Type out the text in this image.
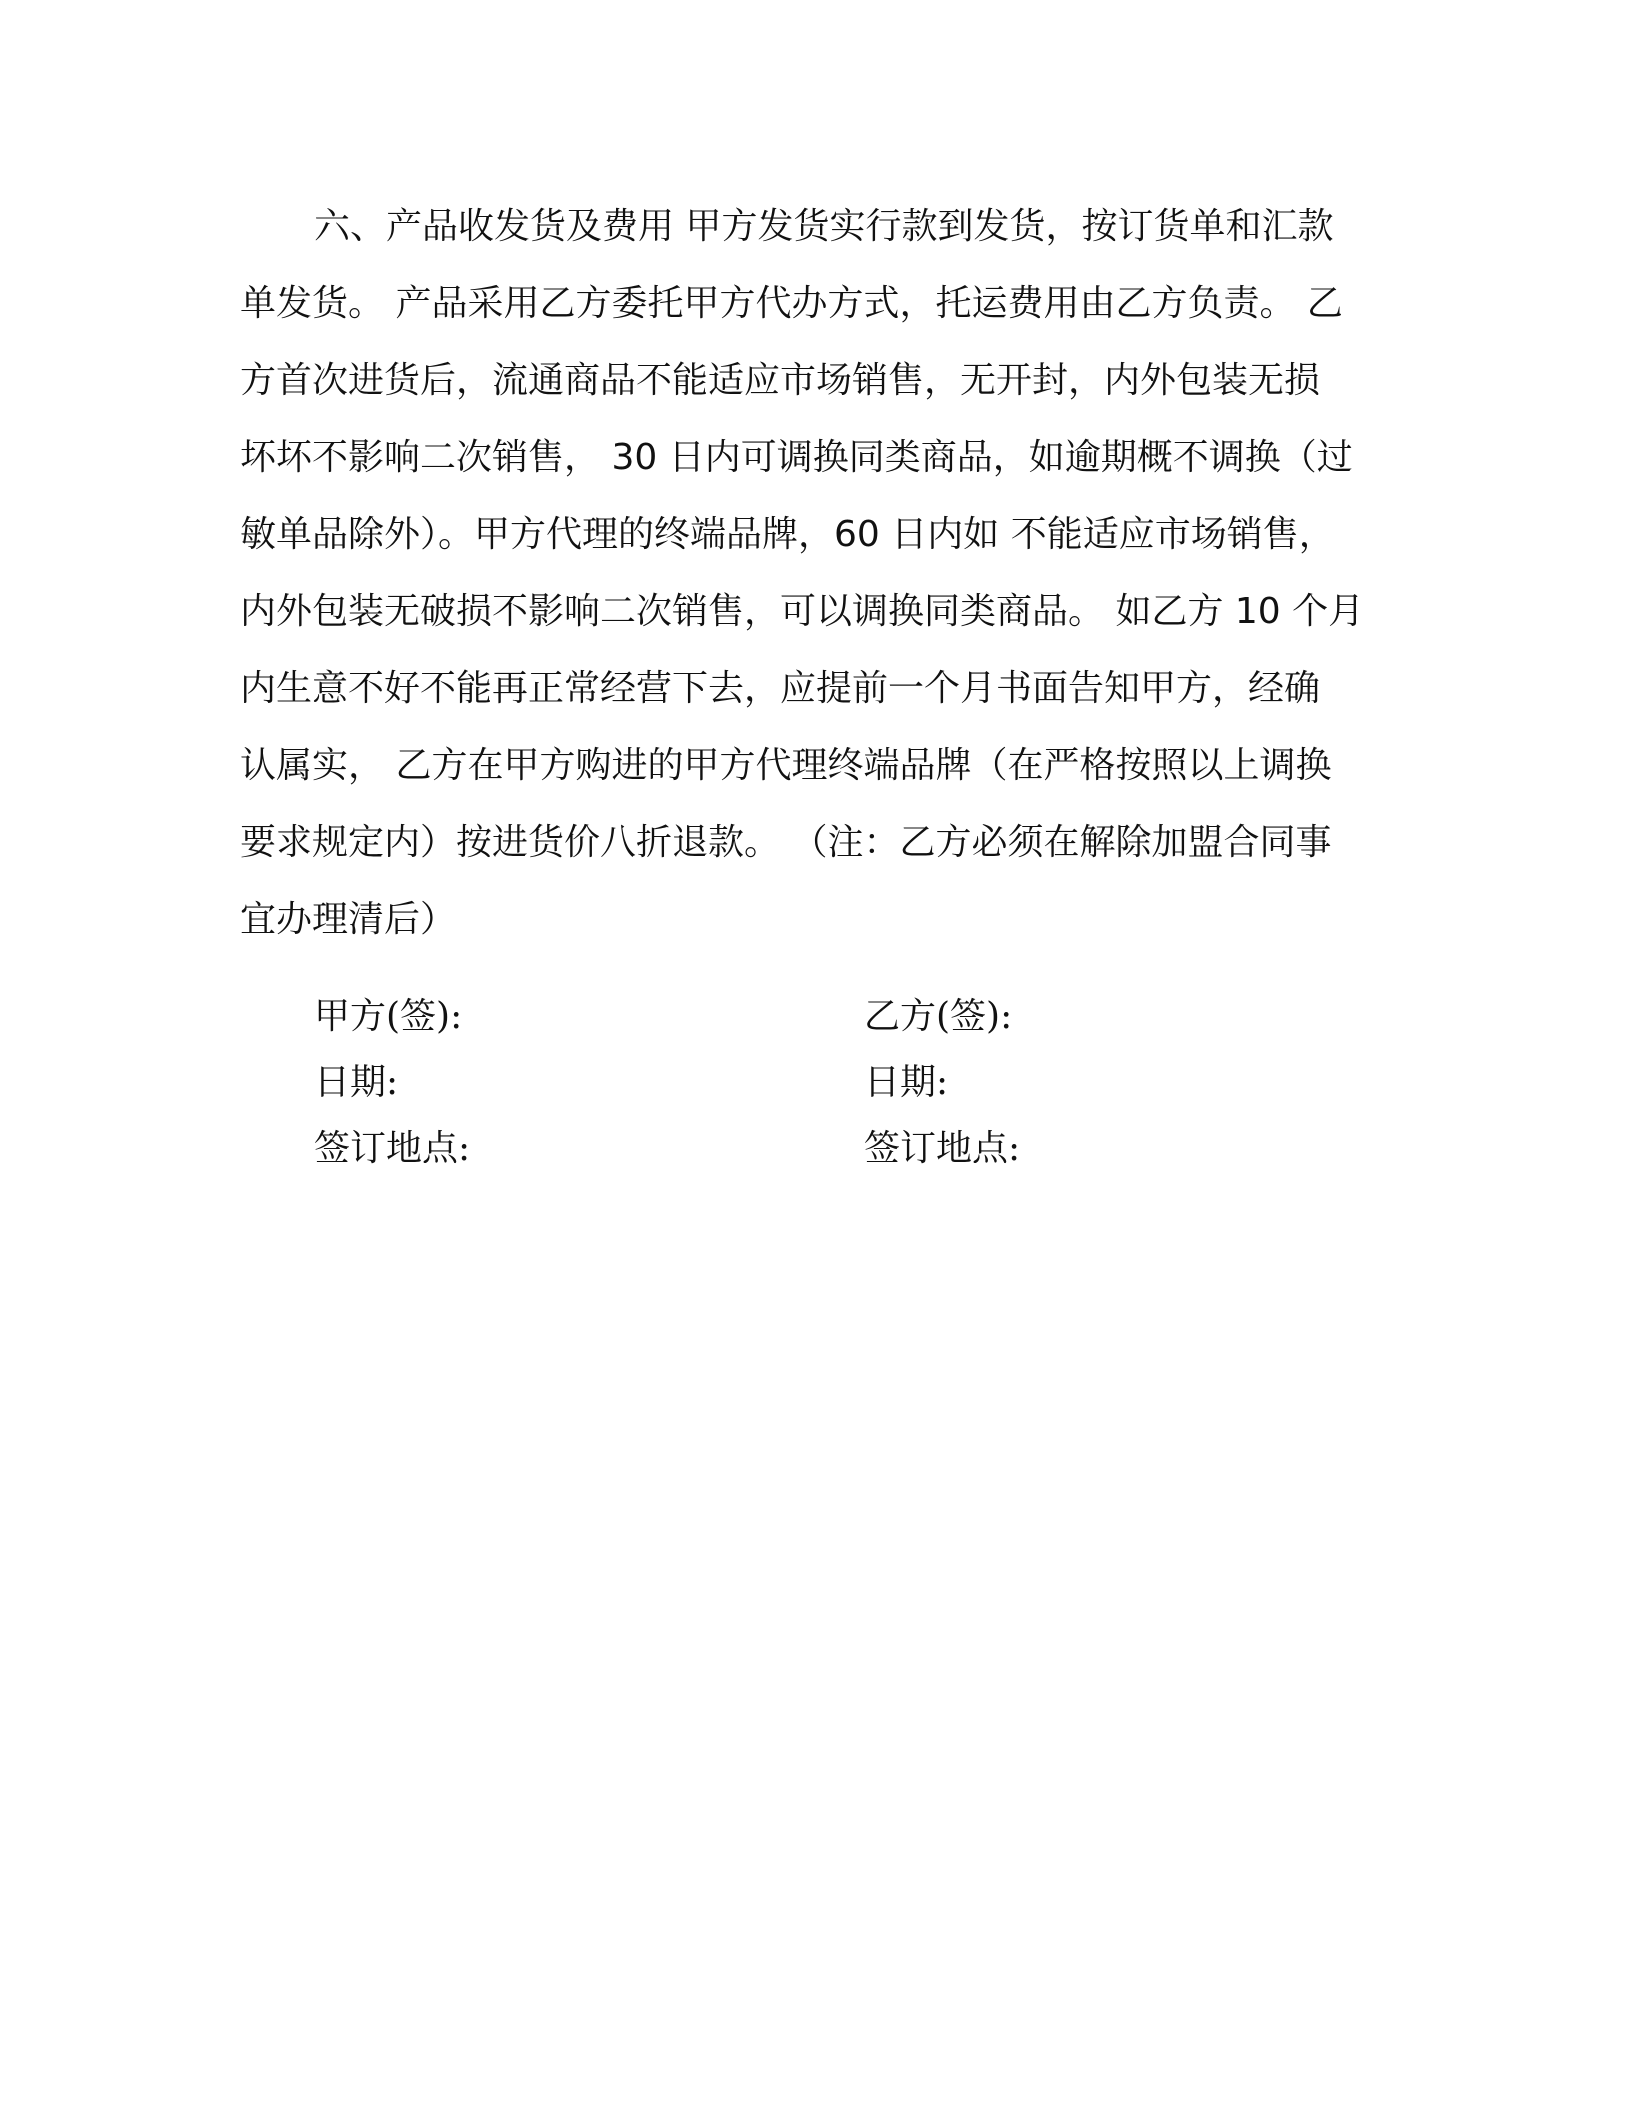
六、产品收发货及费用 甲方发货实行款到发货，按订货单和汇款
单发货。 产品采用乙方委托甲方代办方式，托运费用由乙方负责。 乙
方首次进货后，流通商品不能适应市场销售，无开封，内外包装无损
坏坏不影响二次销售， 30 日内可调换同类商品，如逾期概不调换（过
敏单品除外）。甲方代理的终端品牌，60 日内如 不能适应市场销售，
内外包装无破损不影响二次销售，可以调换同类商品。 如乙方 10 个月
内生意不好不能再正常经营下去，应提前一个月书面告知甲方，经确
认属实， 乙方在甲方购进的甲方代理终端品牌（在严格按照以上调换
要求规定内）按进货价八折退款。 （注：乙方必须在解除加盟合同事
宜办理清后）
甲方(签):
日期:
签订地点:
乙方(签):
日期:
签订地点:
